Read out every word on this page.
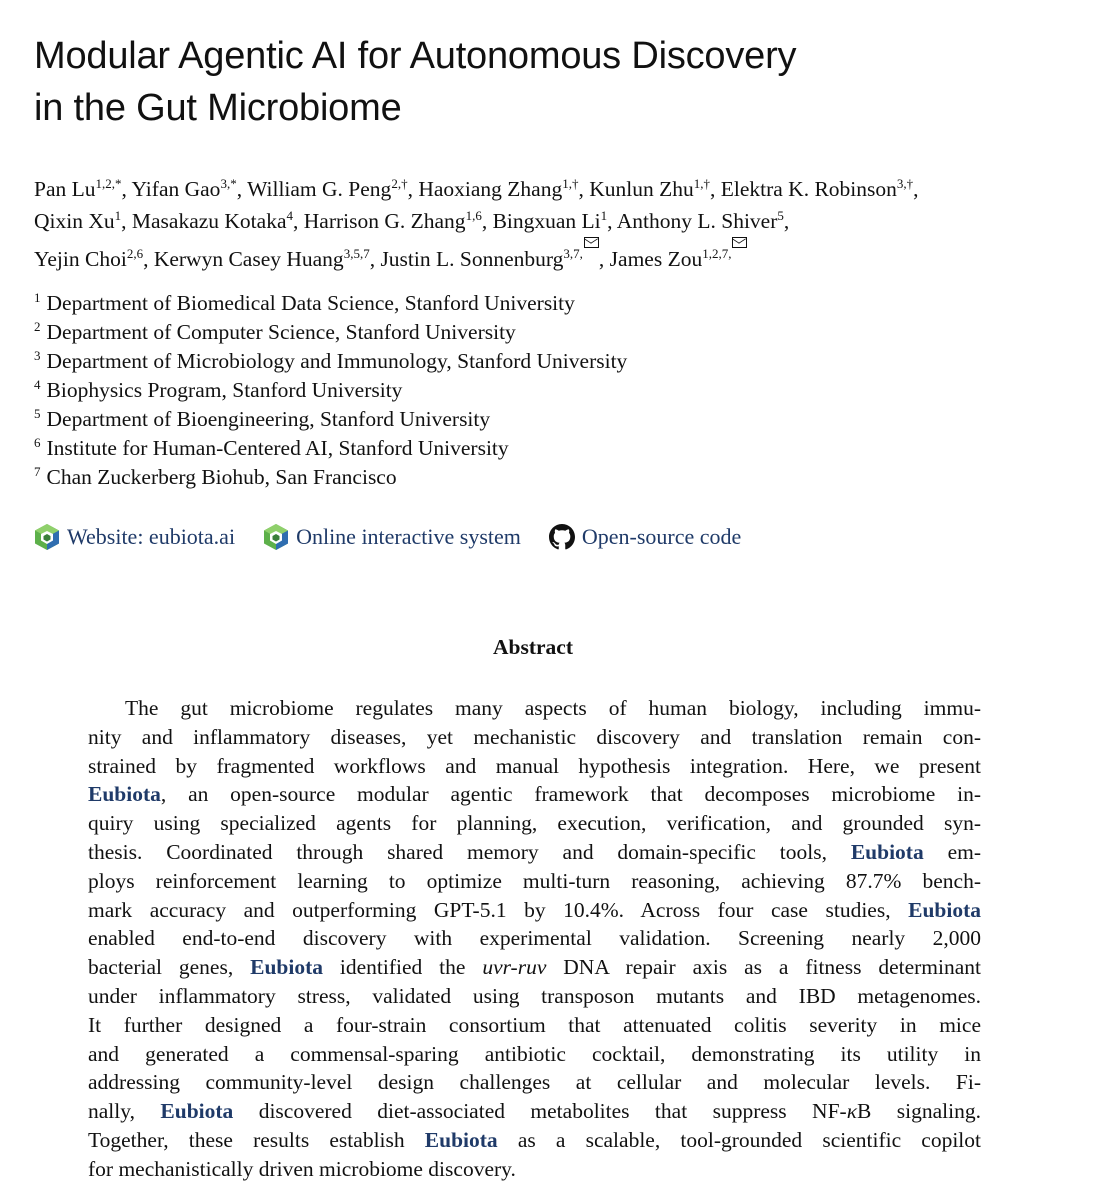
Modular Agentic AI for Autonomous Discovery
in the Gut Microbiome
Pan $Lu^{1,2,*}$, Yifan Gao$^{3,*}$, William G. Peng$^{2,\dagger}$, Haoxiang Zhang$^{1,\dagger}$, Kunlun Zhu$^{1,\dagger}$, Elektra K. Robinson$^{3,\dagger}$,
Qixin Xu$^1$, Masakazu Kotaka$^4$, Harrison G. Zhang$^{1,6}$, Bingxuan Li$^1$, Anthony L. Shiver$^5$,
Yejin Choi$^{2,6}$, Kerwyn Casey Huang$^{3,5,7}$, Justin L. Sonnenburg$^{3,7,}$ , James Zou$^{1,2,7,}$
$^1$ Department of Biomedical Data Science, Stanford University
$^2$ Department of Computer Science, Stanford University
$^3$ Department of Microbiology and Immunology, Stanford University
$^4$ Biophysics Program, Stanford University
$^5$ Department of Bioengineering, Stanford University
$^6$ Institute for Human-Centered AI, Stanford University
$^7$ Chan Zuckerberg Biohub, San Francisco
Website: eubiota.ai	Online interactive system	Open-source code
Abstract
The gut microbiome regulates many aspects of human biology, including immu-
nity and inflammatory diseases, yet mechanistic discovery and translation remain con-
strained by fragmented workflows and manual hypothesis integration. Here, we present
Eubiota, an open-source modular agentic framework that decomposes microbiome in-
quiry using specialized agents for planning, execution, verification, and grounded syn-
thesis. Coordinated through shared memory and domain-specific tools, Eubiota em-
ploys reinforcement learning to optimize multi-turn reasoning, achieving 87.7% bench-
mark accuracy and outperforming GPT-5.1 by 10.4%. Across four case studies, Eubiota
enabled end-to-end discovery with experimental validation. Screening nearly 2,000
bacterial genes, Eubiota identified the uvr-ruv DNA repair axis as a fitness determinant
under inflammatory stress, validated using transposon mutants and IBD metagenomes.
It further designed a four-strain consortium that attenuated colitis severity in mice
and generated a commensal-sparing antibiotic cocktail, demonstrating its utility in
addressing community-level design challenges at cellular and molecular levels. Fi-
nally, Eubiota discovered diet-associated metabolites that suppress NF-κB signaling.
Together, these results establish Eubiota as a scalable, tool-grounded scientific copilot
for mechanistically driven microbiome discovery.
